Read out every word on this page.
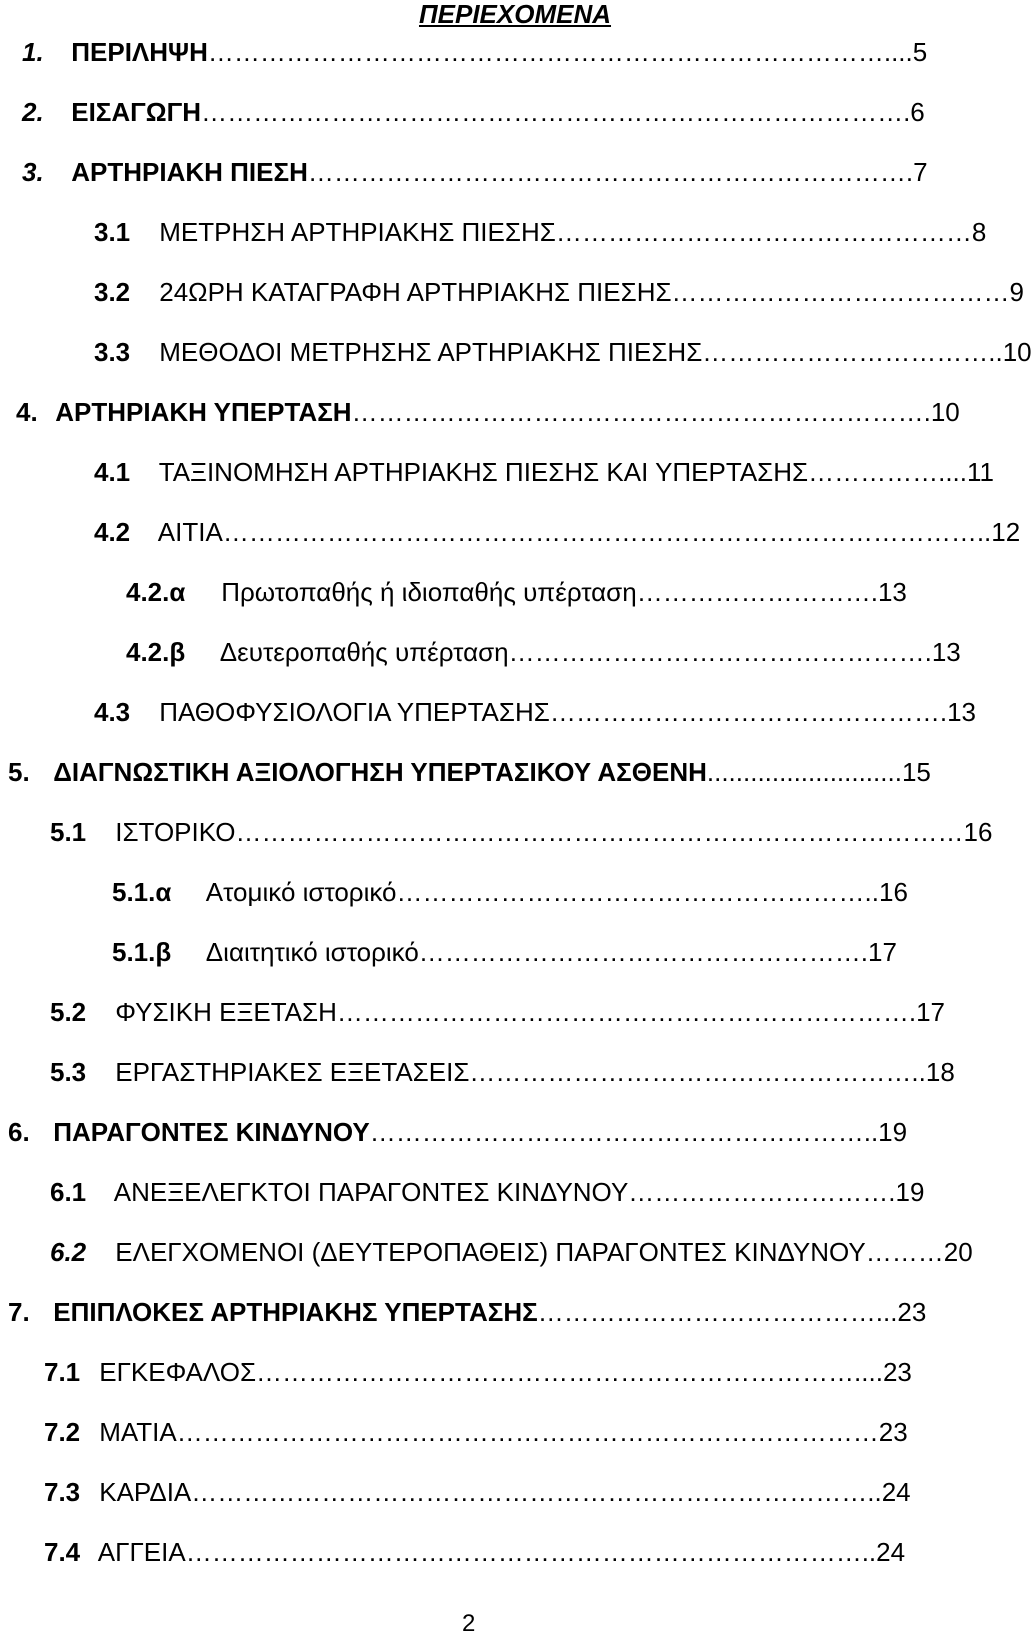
ΠΕΡΙΕΧΟΜΕΝΑ
1. ΠΕΡΙΛΗΨΗ……………………………………………………………………....5
2. ΕΙΣΑΓΩΓΗ……………………………………………………………………….6
3. ΑΡΤΗΡΙΑΚΗ ΠΙΕΣΗ…………………………………………………………….7
3.1 ΜΕΤΡΗΣΗ ΑΡΤΗΡΙΑΚΗΣ ΠΙΕΣΗΣ…………………………………………8
3.2 24ΩΡΗ ΚΑΤΑΓΡΑΦΗ ΑΡΤΗΡΙΑΚΗΣ ΠΙΕΣΗΣ…………………………………9
3.3 ΜΕΘΟΔΟΙ ΜΕΤΡΗΣΗΣ ΑΡΤΗΡΙΑΚΗΣ ΠΙΕΣΗΣ……………………………..10
4. ΑΡΤΗΡΙΑΚΗ ΥΠΕΡΤΑΣΗ………………………………………………………….10
4.1 ΤΑΞΙΝΟΜΗΣΗ ΑΡΤΗΡΙΑΚΗΣ ΠΙΕΣΗΣ ΚΑΙ ΥΠΕΡΤΑΣΗΣ……………....11
4.2 ΑΙΤΙΑ……………………………………………………………………………..12
4.2.α Πρωτοπαθής ή ιδιοπαθής υπέρταση……………………….13
4.2.β Δευτεροπαθής υπέρταση………………………………………….13
4.3 ΠΑΘΟΦΥΣΙΟΛΟΓΙΑ ΥΠΕΡΤΑΣΗΣ……………………………………….13
5. ΔΙΑΓΝΩΣΤΙΚΗ ΑΞΙΟΛΟΓΗΣΗ ΥΠΕΡΤΑΣΙΚΟΥ ΑΣΘΕΝΗ...........................15
5.1 ΙΣΤΟΡΙΚΟ…………………………………………………………………………16
5.1.α Ατομικό ιστορικό………………………………………………..16
5.1.β Διαιτητικό ιστορικό…………………………………………….17
5.2 ΦΥΣΙΚΗ ΕΞΕΤΑΣΗ………………………………………………………….17
5.3 ΕΡΓΑΣΤΗΡΙΑΚΕΣ ΕΞΕΤΑΣΕΙΣ……………………………………………..18
6. ΠΑΡΑΓΟΝΤΕΣ ΚΙΝΔΥΝΟΥ…………………………………………………..19
6.1 ΑΝΕΞΕΛΕΓΚΤΟΙ ΠΑΡΑΓΟΝΤΕΣ ΚΙΝΔΥΝΟΥ………………………….19
6.2 ΕΛΕΓΧΟΜΕΝΟΙ (ΔΕΥΤΕΡΟΠΑΘΕΙΣ) ΠΑΡΑΓΟΝΤΕΣ ΚΙΝΔΥΝΟΥ………20
7. ΕΠΙΠΛΟΚΕΣ ΑΡΤΗΡΙΑΚΗΣ ΥΠΕΡΤΑΣΗΣ…………………………………...23
7.1 ΕΓΚΕΦΑΛΟΣ……………………………………………………………....23
7.2 ΜΑΤΙΑ………………………………………………………………………23
7.3 ΚΑΡΔΙΑ……………………………………………………………………..24
7.4 ΑΓΓΕΙΑ……………………………………………………………………..24
2
